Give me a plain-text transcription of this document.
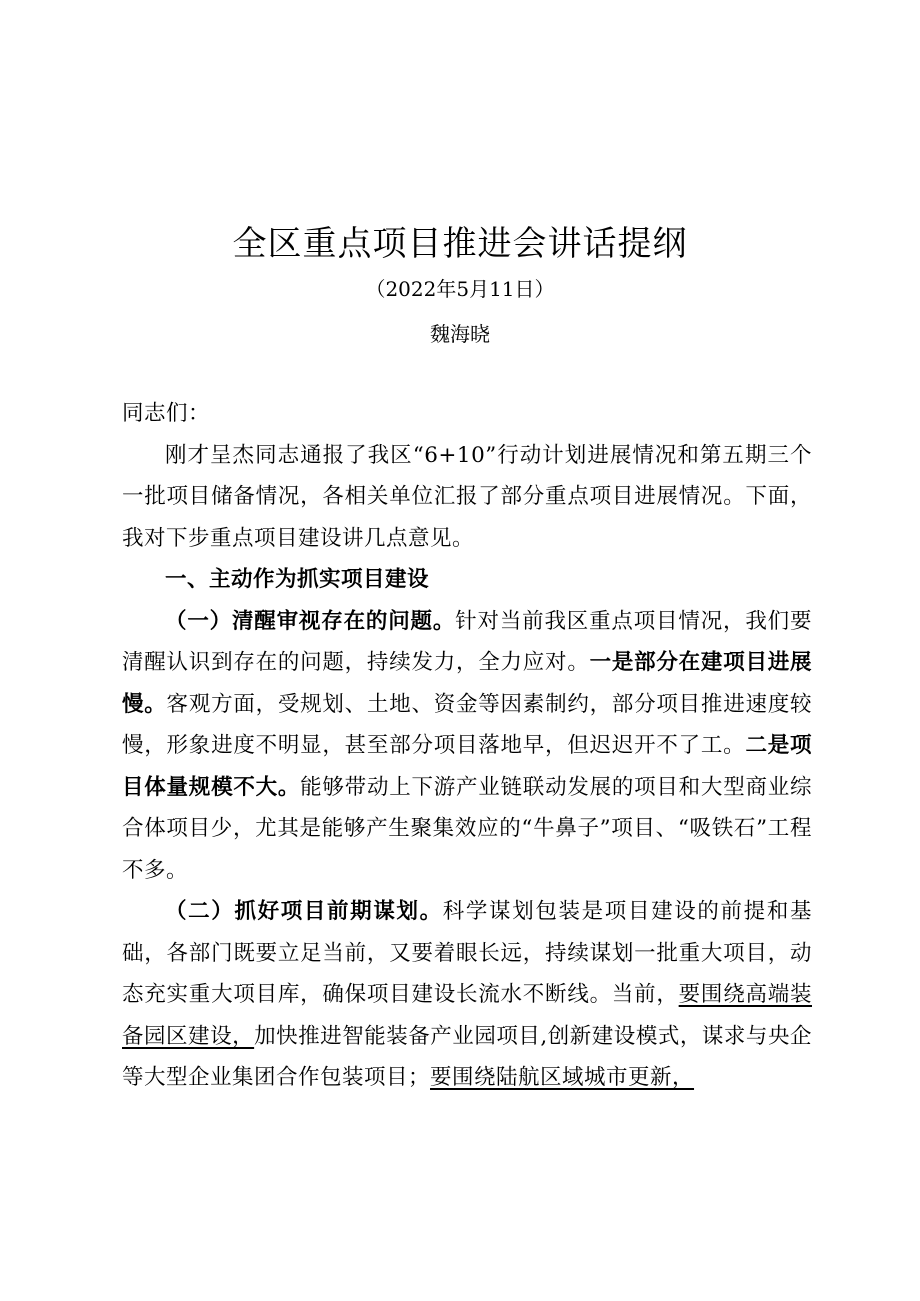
全区重点项目推进会讲话提纲
（2022年5月11日）
魏海晓

同志们：

刚才呈杰同志通报了我区“6+10”行动计划进展情况和第五期三个一批项目储备情况，各相关单位汇报了部分重点项目进展情况。下面，我对下步重点项目建设讲几点意见。

一、主动作为抓实项目建设

（一）清醒审视存在的问题。针对当前我区重点项目情况，我们要清醒认识到存在的问题，持续发力，全力应对。一是部分在建项目进展慢。客观方面，受规划、土地、资金等因素制约，部分项目推进速度较慢，形象进度不明显，甚至部分项目落地早，但迟迟开不了工。二是项目体量规模不大。能够带动上下游产业链联动发展的项目和大型商业综合体项目少，尤其是能够产生聚集效应的“牛鼻子”项目、“吸铁石”工程不多。

（二）抓好项目前期谋划。科学谋划包装是项目建设的前提和基础，各部门既要立足当前，又要着眼长远，持续谋划一批重大项目，动态充实重大项目库，确保项目建设长流水不断线。当前，要围绕高端装备园区建设，加快推进智能装备产业园项目,创新建设模式，谋求与央企等大型企业集团合作包装项目；要围绕陆航区域城市更新，
